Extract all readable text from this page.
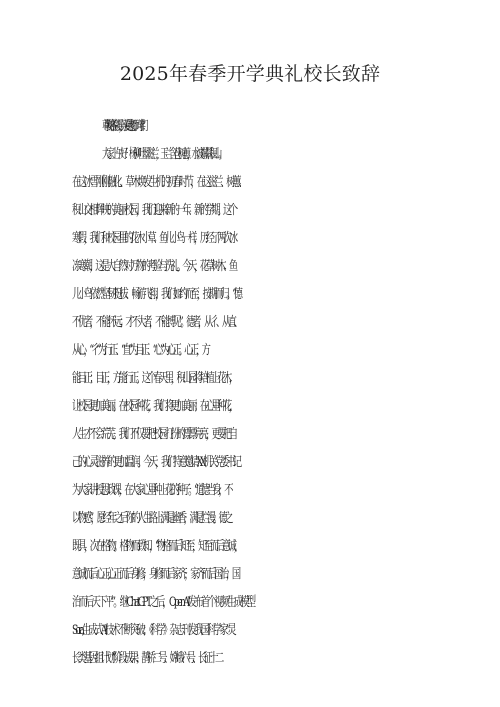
2025年春季开学典礼校长致辞
尊敬的各位领导，亲爱的老师、同学们：
大家上午好！杨柳吐翠滋兰，玉兰含苞树蕙，水波粼粼积山。
在这冰雪刚刚融化、草木焕发生机的初春时节，在这滋兰、树蕙、
积山交相辉映的美丽校园，我们迎来新的一年、新的学期。这个
寒假，我们和校园里的花木小草、鱼儿小鸟一样，历经了两次冰
冻寒潮，这是大自然对万物的考验与洗礼。今天，花草树木、鱼
儿小鸟依然坚韧挺拔、畅游飞翔，我们如约而至，按期而归。“德
不优者，不能怀远；才不大者，不能博见”。德者，从彳、从直、
从心，“彳”为行正、“直”为目正、“心”为心正。心正，方
能目正；目正，方能行正。这个春天里，积山园将培植上花木，
让校园更加美丽。在校园种花，我们将更加美丽；在心里种花，
人生才不会荒芜。我们不仅要把校园打扮的漂漂亮亮，更要把自
己的心灵滋养的更加温润。今天，我们特意邀请XX机关党委书记
为大家讲授思政课，在大家心里种上花的种子。“道德当身，不
以物惑”，愿经年之后你的人生路上满是幽香，满是烂漫。德之
既具，次在格物。格物而致知，“物格而后知至，知至而后意诚，
意诚而后心正,心正而后身修，身修而后家齐，家齐而后国治，国
治而后天下平”。继ChatGPT之后，OpenAI发布首个视频生成模型
Sora,生成式AI技术不断突破；《科学》杂志刊发我国科学家“灵
长类基因组计划”阶段成果；鹊桥二号、嫦娥六号、长征十二
